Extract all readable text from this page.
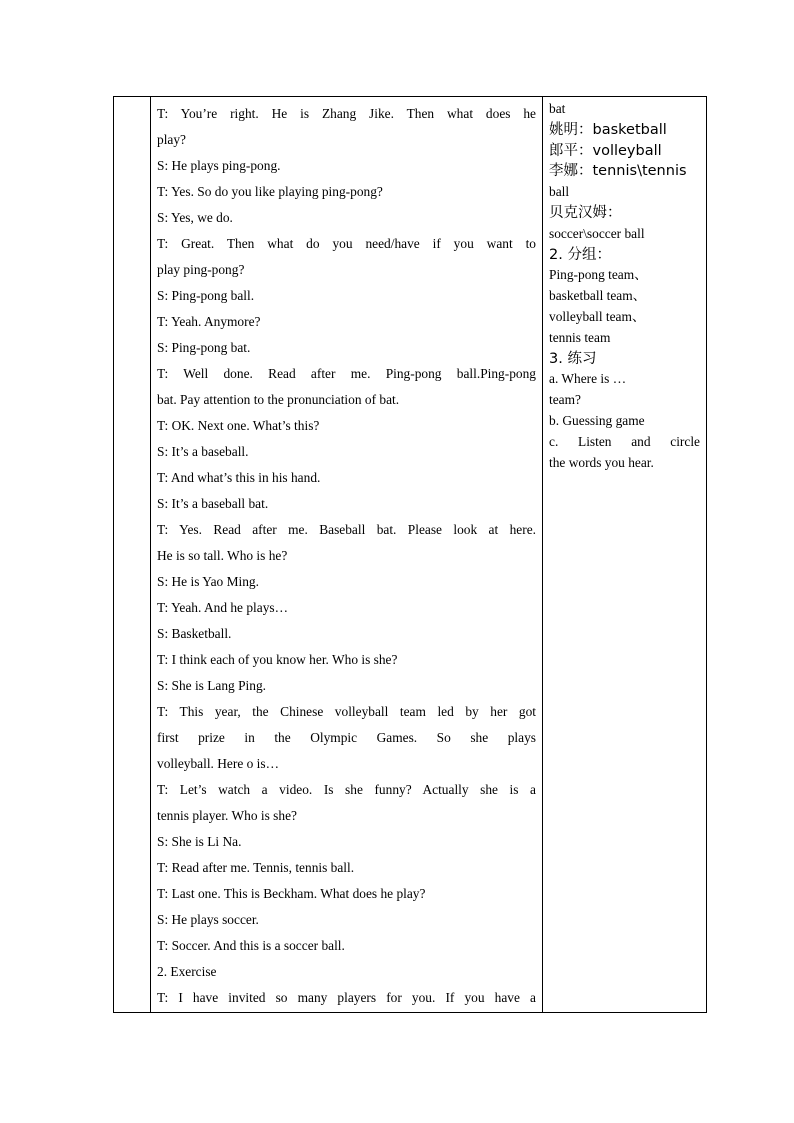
T: You’re right. He is Zhang Jike. Then what does he
play?
S: He plays ping-pong.
T: Yes. So do you like playing ping-pong?
S: Yes, we do.
T: Great. Then what do you need/have if you want to
play ping-pong?
S: Ping-pong ball.
T: Yeah. Anymore?
S: Ping-pong bat.
T: Well done. Read after me. Ping-pong ball.Ping-pong
bat. Pay attention to the pronunciation of bat.
T: OK. Next one. What’s this?
S: It’s a baseball.
T: And what’s this in his hand.
S: It’s a baseball bat.
T: Yes. Read after me. Baseball bat. Please look at here.
He is so tall. Who is he?
S: He is Yao Ming.
T: Yeah. And he plays…
S: Basketball.
T: I think each of you know her. Who is she?
S: She is Lang Ping.
T: This year, the Chinese volleyball team led by her got
first prize in the Olympic Games. So she plays
volleyball. Here o is…
T: Let’s watch a video. Is she funny? Actually she is a
tennis player. Who is she?
S: She is Li Na.
T: Read after me. Tennis, tennis ball.
T: Last one. This is Beckham. What does he play?
S: He plays soccer.
T: Soccer. And this is a soccer ball.
2. Exercise
T: I have invited so many players for you. If you have a

bat
姚明：basketball
郎平：volleyball
李娜：tennis\tennis
ball
贝克汉姆：
soccer\soccer ball
2. 分组：
Ping-pong team、
basketball team、
volleyball team、
tennis team
3. 练习
a. Where is …
team?
b. Guessing game
c. Listen and circle
the words you hear.
